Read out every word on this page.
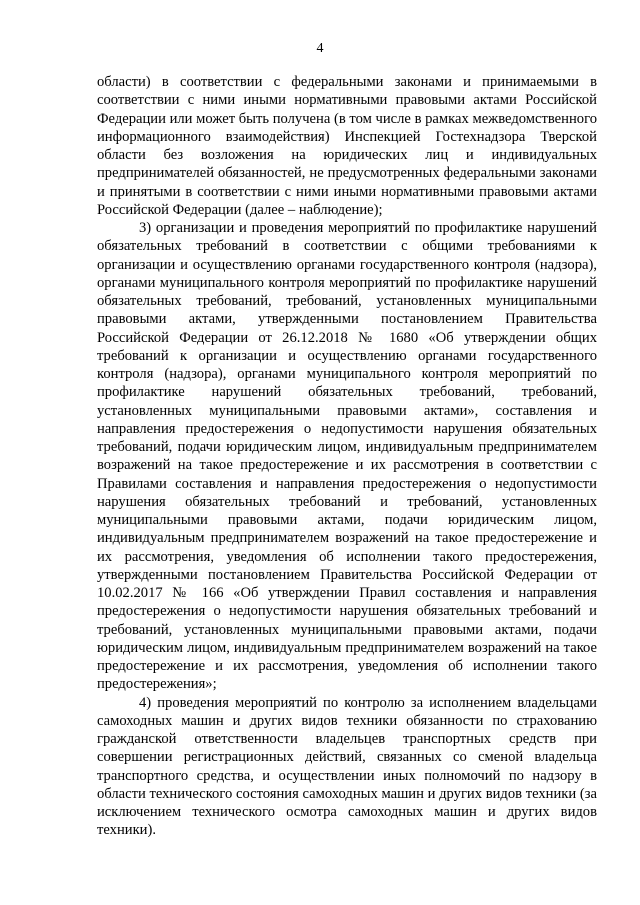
4

области) в соответствии с федеральными законами и принимаемыми в соответствии с ними иными нормативными правовыми актами Российской Федерации или может быть получена (в том числе в рамках межведомственного информационного взаимодействия) Инспекцией Гостехнадзора Тверской области без возложения на юридических лиц и индивидуальных предпринимателей обязанностей, не предусмотренных федеральными законами и принятыми в соответствии с ними иными нормативными правовыми актами Российской Федерации (далее – наблюдение);

3) организации и проведения мероприятий по профилактике нарушений обязательных требований в соответствии с общими требованиями к организации и осуществлению органами государственного контроля (надзора), органами муниципального контроля мероприятий по профилактике нарушений обязательных требований, требований, установленных муниципальными правовыми актами, утвержденными постановлением Правительства Российской Федерации от 26.12.2018 № 1680 «Об утверждении общих требований к организации и осуществлению органами государственного контроля (надзора), органами муниципального контроля мероприятий по профилактике нарушений обязательных требований, требований, установленных муниципальными правовыми актами», составления и направления предостережения о недопустимости нарушения обязательных требований, подачи юридическим лицом, индивидуальным предпринимателем возражений на такое предостережение и их рассмотрения в соответствии с Правилами составления и направления предостережения о недопустимости нарушения обязательных требований и требований, установленных муниципальными правовыми актами, подачи юридическим лицом, индивидуальным предпринимателем возражений на такое предостережение и их рассмотрения, уведомления об исполнении такого предостережения, утвержденными постановлением Правительства Российской Федерации от 10.02.2017 № 166 «Об утверждении Правил составления и направления предостережения о недопустимости нарушения обязательных требований и требований, установленных муниципальными правовыми актами, подачи юридическим лицом, индивидуальным предпринимателем возражений на такое предостережение и их рассмотрения, уведомления об исполнении такого предостережения»;

4) проведения мероприятий по контролю за исполнением владельцами самоходных машин и других видов техники обязанности по страхованию гражданской ответственности владельцев транспортных средств при совершении регистрационных действий, связанных со сменой владельца транспортного средства, и осуществлении иных полномочий по надзору в области технического состояния самоходных машин и других видов техники (за исключением технического осмотра самоходных машин и других видов техники).
